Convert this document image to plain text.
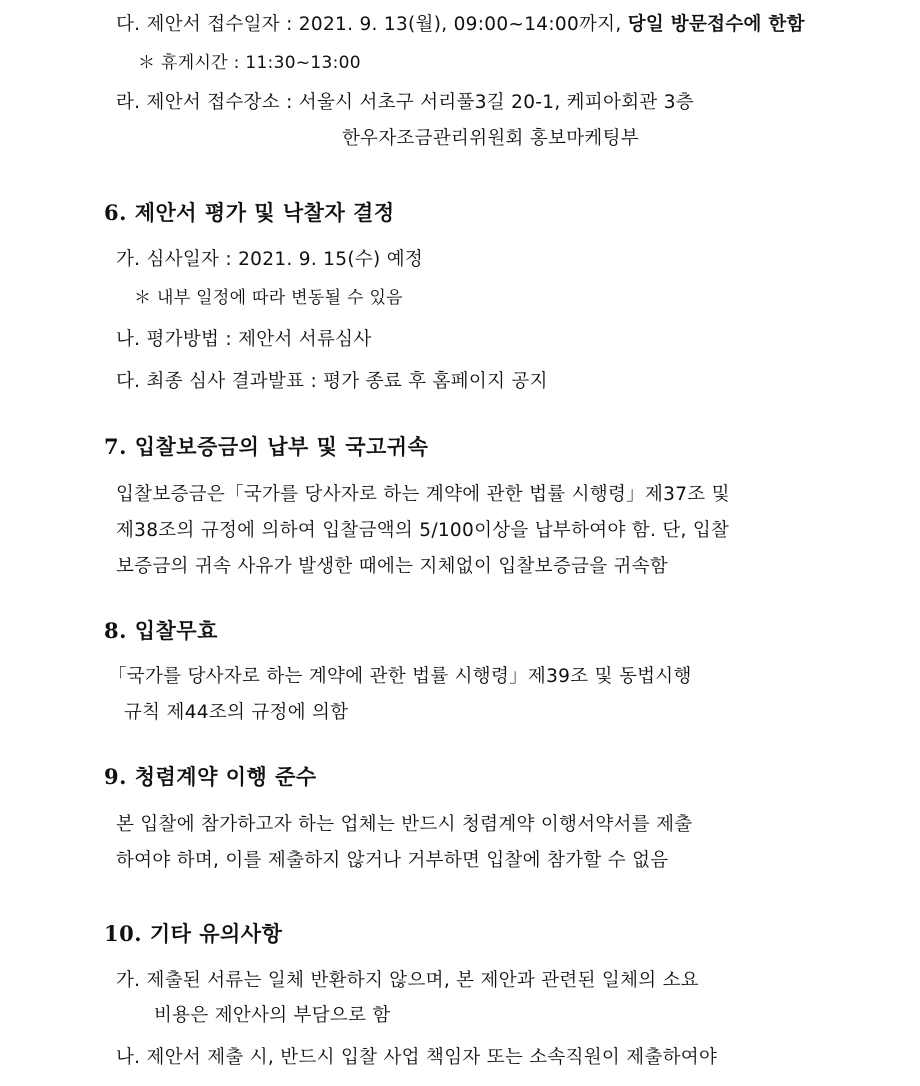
다. 제안서 접수일자 : 2021. 9. 13(월), 09:00~14:00까지, 당일 방문접수에 한함
＊ 휴게시간 : 11:30~13:00
라. 제안서 접수장소 : 서울시 서초구 서리풀3길 20-1, 케피아회관 3층
한우자조금관리위원회 홍보마케팅부
6. 제안서 평가 및 낙찰자 결정
가. 심사일자 : 2021. 9. 15(수) 예정
＊ 내부 일정에 따라 변동될 수 있음
나. 평가방법 : 제안서 서류심사
다. 최종 심사 결과발표 : 평가 종료 후 홈페이지 공지
7. 입찰보증금의 납부 및 국고귀속
입찰보증금은「국가를 당사자로 하는 계약에 관한 법률 시행령」제37조 및
제38조의 규정에 의하여 입찰금액의 5/100이상을 납부하여야 함. 단, 입찰
보증금의 귀속 사유가 발생한 때에는 지체없이 입찰보증금을 귀속함
8. 입찰무효
「국가를 당사자로 하는 계약에 관한 법률 시행령」제39조 및 동법시행
규칙 제44조의 규정에 의함
9. 청렴계약 이행 준수
본 입찰에 참가하고자 하는 업체는 반드시 청렴계약 이행서약서를 제출
하여야 하며, 이를 제출하지 않거나 거부하면 입찰에 참가할 수 없음
10. 기타 유의사항
가. 제출된 서류는 일체 반환하지 않으며, 본 제안과 관련된 일체의 소요
비용은 제안사의 부담으로 함
나. 제안서 제출 시, 반드시 입찰 사업 책임자 또는 소속직원이 제출하여야
